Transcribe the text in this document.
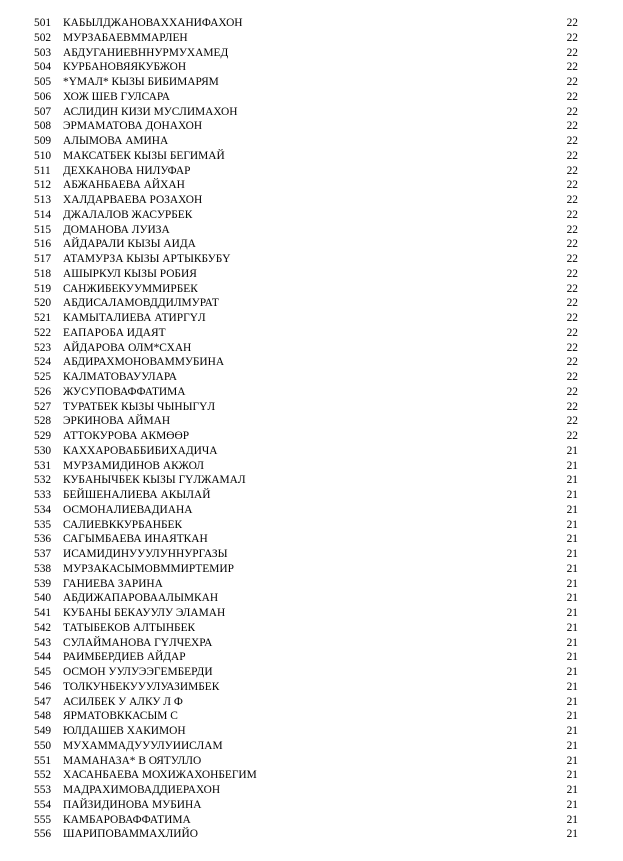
501 КАБЫЛДЖАНОВАХХАНИФАХОН	22
502 МУРЗАБАЕВММАРЛЕН	22
503 АБДУГАНИЕВННУРМУХАМЕД	22
504 КУРБАНОВЯЯКУБЖОН	22
505 *ҮМАЛ* КЫЗЫ БИБИМАРЯМ	22
506 ХОЖ ШЕВ ГУЛСАРА	22
507 АСЛИДИН КИЗИ МУСЛИМАХОН	22
508 ЭРМАМАТОВА ДОНАХОН	22
509 АЛЫМОВА АМИНА	22
510 МАКСАТБЕК КЫЗЫ БЕГИМАЙ	22
511 ДЕХКАНОВА НИЛУФАР	22
512 АБЖАНБАЕВА АЙХАН	22
513 ХАЛДАРВАЕВА РОЗАХОН	22
514 ДЖАЛАЛОВ ЖАСУРБЕК	22
515 ДОМАНОВА ЛУИЗА	22
516 АЙДАРАЛИ КЫЗЫ АИДА	22
517 АТАМУРЗА КЫЗЫ АРТЫКБУБҮ	22
518 АШЫРКУЛ КЫЗЫ РОБИЯ	22
519 САНЖИБЕКУУММИРБЕК	22
520 АБДИСАЛАМОВДДИЛМУРАТ	22
521 КАМЫТАЛИЕВА АТИРГҮЛ	22
522 ЕАПАРОБА ИДАЯТ	22
523 АЙДАРОВА ОЛМ*СХАН	22
524 АБДИРАХМОНОВАММУБИНА	22
525 КАЛМАТОВАУУЛАРА	22
526 ЖУСУПОВАФФАТИМА	22
527 ТУРАТБЕК КЫЗЫ ЧЫНЫГҮЛ	22
528 ЭРКИНОВА АЙМАН	22
529 АТТОКУРОВА АКМӨӨР	22
530 КАХХАРОВАББИБИХАДИЧА	21
531 МУРЗАМИДИНОВ АКЖОЛ	21
532 КУБАНЫЧБЕК КЫЗЫ ГҮЛЖАМАЛ	21
533 БЕЙШЕНАЛИЕВА АКЫЛАЙ	21
534 ОСМОНАЛИЕВАДИАНА	21
535 САЛИЕВККУРБАНБЕК	21
536 САГЫМБАЕВА ИНАЯТКАН	21
537 ИСАМИДИНУУУЛУННУРГАЗЫ	21
538 МУРЗАКАСЫМОВММИРТЕМИР	21
539 ГАНИЕВА ЗАРИНА	21
540 АБДИЖАПАРОВААЛЫМКАН	21
541 КУБАНЫ БЕКАУУЛУ ЭЛАМАН	21
542 ТАТЫБЕКОВ АЛТЫНБЕК	21
543 СУЛАЙМАНОВА ГҮЛЧЕХРА	21
544 РАИМБЕРДИЕВ АЙДАР	21
545 ОСМОН УУЛУЭЭГЕМБЕРДИ	21
546 ТОЛКУНБЕКУУУЛУАЗИМБЕК	21
547 АСИЛБЕК У АЛКУ Л Ф	21
548 ЯРМАТОВККАСЫМ С	21
549 ЮЛДАШЕВ ХАКИМОН	21
550 МУХАММАДУУУЛУИИСЛАМ	21
551 МАМАНАЗА* В ОЯТУЛЛО	21
552 ХАСАНБАЕВА МОХИЖАХОНБЕГИМ	21
553 МАДРАХИМОВАДДИЕРАХОН	21
554 ПАЙЗИДИНОВА МУБИНА	21
555 КАМБАРОВАФФАТИМА	21
556 ШАРИПОВАММАХЛИЙО	21
